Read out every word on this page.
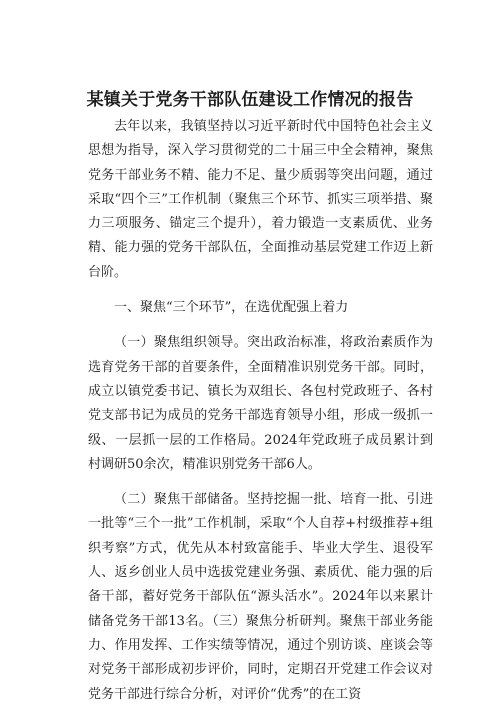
某镇关于党务干部队伍建设工作情况的报告

去年以来，我镇坚持以习近平新时代中国特色社会主义思想为指导，深入学习贯彻党的二十届三中全会精神，聚焦党务干部业务不精、能力不足、量少质弱等突出问题，通过采取“四个三”工作机制（聚焦三个环节、抓实三项举措、聚力三项服务、锚定三个提升），着力锻造一支素质优、业务精、能力强的党务干部队伍，全面推动基层党建工作迈上新台阶。

一、聚焦“三个环节”，在选优配强上着力

（一）聚焦组织领导。突出政治标准，将政治素质作为选育党务干部的首要条件，全面精准识别党务干部。同时，成立以镇党委书记、镇长为双组长、各包村党政班子、各村党支部书记为成员的党务干部选育领导小组，形成一级抓一级、一层抓一层的工作格局。2024年党政班子成员累计到村调研50余次，精准识别党务干部6人。

（二）聚焦干部储备。坚持挖掘一批、培育一批、引进一批等“三个一批”工作机制，采取“个人自荐+村级推荐+组织考察”方式，优先从本村致富能手、毕业大学生、退役军人、返乡创业人员中选拔党建业务强、素质优、能力强的后备干部，蓄好党务干部队伍“源头活水”。2024年以来累计储备党务干部13名。（三）聚焦分析研判。聚焦干部业务能力、作用发挥、工作实绩等情况，通过个别访谈、座谈会等对党务干部形成初步评价，同时，定期召开党建工作会议对党务干部进行综合分析，对评价“优秀”的在工资
